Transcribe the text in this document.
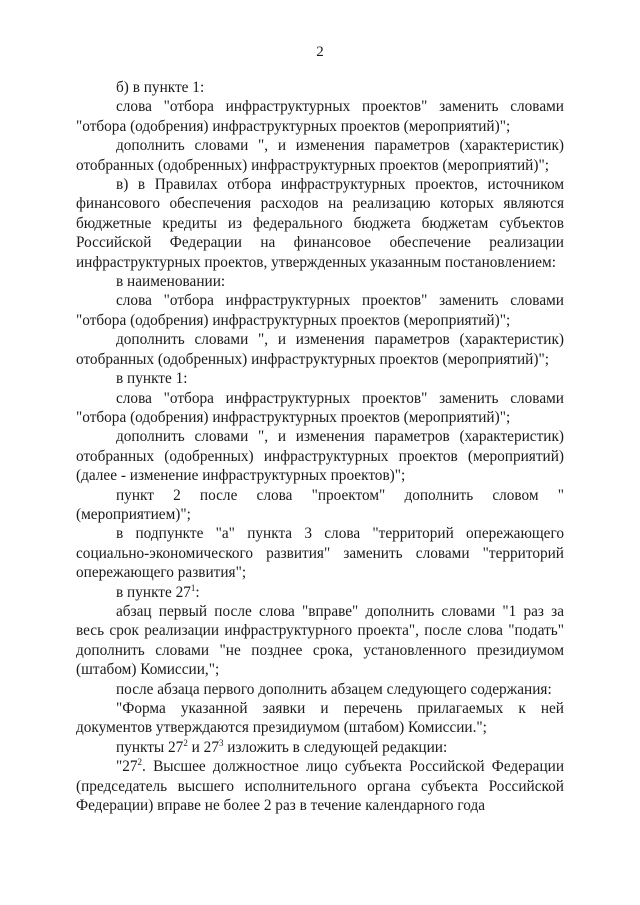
2

б) в пункте 1:

слова "отбора инфраструктурных проектов" заменить словами "отбора (одобрения) инфраструктурных проектов (мероприятий)";

дополнить словами ", и изменения параметров (характеристик) отобранных (одобренных) инфраструктурных проектов (мероприятий)";

в) в Правилах отбора инфраструктурных проектов, источником финансового обеспечения расходов на реализацию которых являются бюджетные кредиты из федерального бюджета бюджетам субъектов Российской Федерации на финансовое обеспечение реализации инфраструктурных проектов, утвержденных указанным постановлением:

в наименовании:

слова "отбора инфраструктурных проектов" заменить словами "отбора (одобрения) инфраструктурных проектов (мероприятий)";

дополнить словами ", и изменения параметров (характеристик) отобранных (одобренных) инфраструктурных проектов (мероприятий)";

в пункте 1:

слова "отбора инфраструктурных проектов" заменить словами "отбора (одобрения) инфраструктурных проектов (мероприятий)";

дополнить словами ", и изменения параметров (характеристик) отобранных (одобренных) инфраструктурных проектов (мероприятий) (далее - изменение инфраструктурных проектов)";

пункт 2 после слова "проектом" дополнить словом "(мероприятием)";

в подпункте "а" пункта 3 слова "территорий опережающего социально-экономического развития" заменить словами "территорий опережающего развития";

в пункте $27^1$:

абзац первый после слова "вправе" дополнить словами "1 раз за весь срок реализации инфраструктурного проекта", после слова "подать" дополнить словами "не позднее срока, установленного президиумом (штабом) Комиссии,";

после абзаца первого дополнить абзацем следующего содержания:

"Форма указанной заявки и перечень прилагаемых к ней документов утверждаются президиумом (штабом) Комиссии.";

пункты $27^2$ и $27^3$ изложить в следующей редакции:

"$27^2$. Высшее должностное лицо субъекта Российской Федерации (председатель высшего исполнительного органа субъекта Российской Федерации) вправе не более 2 раз в течение календарного года
